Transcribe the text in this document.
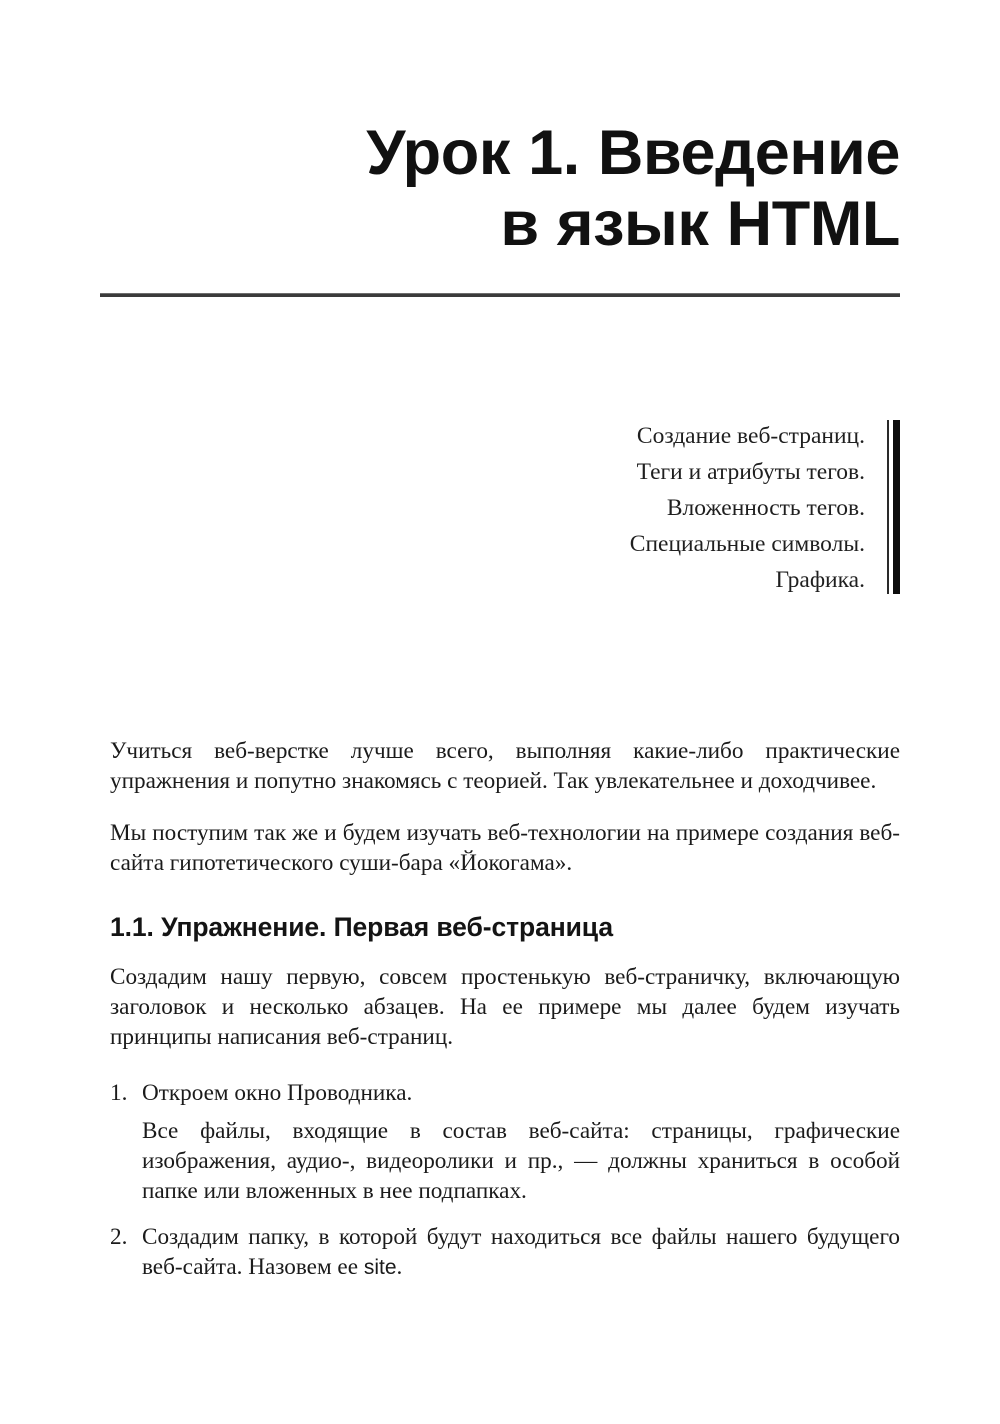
Урок 1. Введение
в язык HTML
Создание веб-страниц.
Теги и атрибуты тегов.
Вложенность тегов.
Специальные символы.
Графика.

Учиться веб-верстке лучше всего, выполняя какие-либо практические упражнения и попутно знакомясь с теорией. Так увлекательнее и доходчивее.

Мы поступим так же и будем изучать веб-технологии на примере создания веб-сайта гипотетического суши-бара «Йокогама».

1.1. Упражнение. Первая веб-страница

Создадим нашу первую, совсем простенькую веб-страничку, включающую заголовок и несколько абзацев. На ее примере мы далее будем изучать принципы написания веб-страниц.

1. Откроем окно Проводника.
Все файлы, входящие в состав веб-сайта: страницы, графические изображения, аудио-, видеоролики и пр., — должны храниться в особой папке или вложенных в нее подпапках.
2. Создадим папку, в которой будут находиться все файлы нашего будущего веб-сайта. Назовем ее site.
